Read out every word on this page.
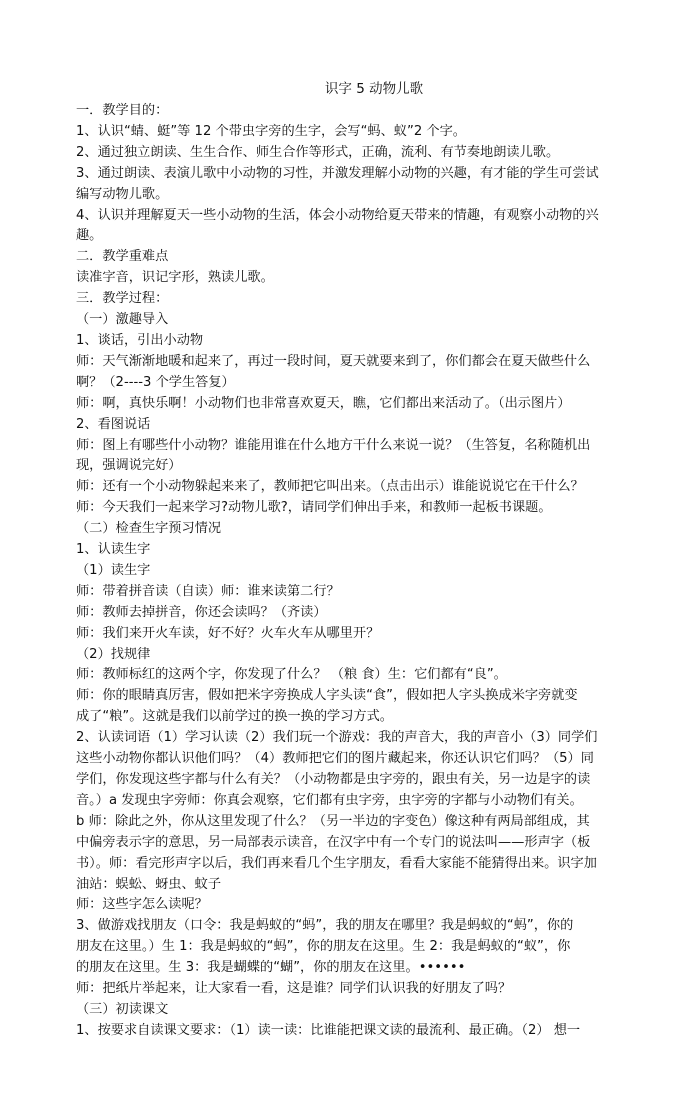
识字 5 动物儿歌
一．教学目的：
1、认识“蜻、蜓”等 12 个带虫字旁的生字，会写“蚂、蚁”2 个字。
2、通过独立朗读、生生合作、师生合作等形式，正确，流利、有节奏地朗读儿歌。
3、通过朗读、表演儿歌中小动物的习性，并激发理解小动物的兴趣，有才能的学生可尝试
编写动物儿歌。
4、认识并理解夏天一些小动物的生活，体会小动物给夏天带来的情趣，有观察小动物的兴
趣。
二．教学重难点
读准字音，识记字形，熟读儿歌。
三．教学过程：
（一）激趣导入
1、谈话，引出小动物
师：天气渐渐地暖和起来了，再过一段时间，夏天就要来到了，你们都会在夏天做些什么
啊？（2----3 个学生答复）
师：啊，真快乐啊！小动物们也非常喜欢夏天，瞧，它们都出来活动了。（出示图片）
2、看图说话
师：图上有哪些什小动物？谁能用谁在什么地方干什么来说一说？（生答复，名称随机出
现，强调说完好）
师：还有一个小动物躲起来来了，教师把它叫出来。（点击出示）谁能说说它在干什么？
师：今天我们一起来学习?动物儿歌?，请同学们伸出手来，和教师一起板书课题。
（二）检查生字预习情况
1、认读生字
（1）读生字
师：带着拼音读（自读）师：谁来读第二行？
师：教师去掉拼音，你还会读吗？（齐读）
师：我们来开火车读，好不好？火车火车从哪里开？
（2）找规律
师：教师标红的这两个字，你发现了什么？ （粮 食）生：它们都有“良”。
师：你的眼睛真厉害，假如把米字旁换成人字头读“食”，假如把人字头换成米字旁就变
成了“粮”。这就是我们以前学过的换一换的学习方式。
2、认读词语（1）学习认读（2）我们玩一个游戏：我的声音大，我的声音小（3）同学们
这些小动物你都认识他们吗？（4）教师把它们的图片藏起来，你还认识它们吗？（5）同
学们，你发现这些字都与什么有关？（小动物都是虫字旁的，跟虫有关，另一边是字的读
音。）a 发现虫字旁师：你真会观察，它们都有虫字旁，虫字旁的字都与小动物们有关。
b 师：除此之外，你从这里发现了什么？（另一半边的字变色）像这种有两局部组成，其
中偏旁表示字的意思，另一局部表示读音，在汉字中有一个专门的说法叫——形声字（板
书）。师：看完形声字以后，我们再来看几个生字朋友，看看大家能不能猜得出来。识字加
油站：蜈蚣、蚜虫、蚊子
师：这些字怎么读呢？
3、做游戏找朋友（口令：我是蚂蚁的“蚂”，我的朋友在哪里？我是蚂蚁的“蚂”，你的
朋友在这里。）生 1：我是蚂蚁的“蚂”，你的朋友在这里。生 2：我是蚂蚁的“蚁”，你
的朋友在这里。生 3：我是蝴蝶的“蝴”，你的朋友在这里。••••••
师：把纸片举起来，让大家看一看，这是谁？同学们认识我的好朋友了吗？
（三）初读课文
1、按要求自读课文要求：（1）读一读：比谁能把课文读的最流利、最正确。（2） 想一
